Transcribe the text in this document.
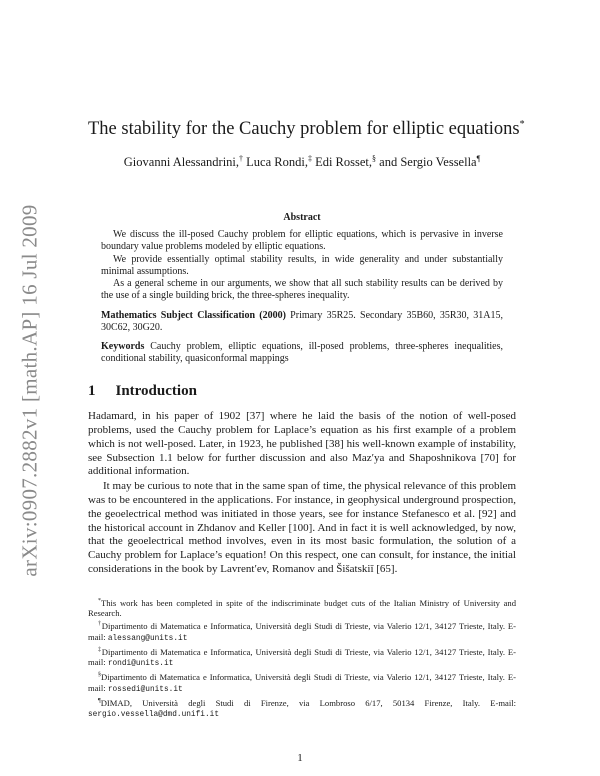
arXiv:0907.2882v1 [math.AP] 16 Jul 2009
The stability for the Cauchy problem for elliptic equations*
Giovanni Alessandrini,† Luca Rondi,‡ Edi Rosset,§ and Sergio Vessella¶
Abstract

We discuss the ill-posed Cauchy problem for elliptic equations, which is pervasive in inverse boundary value problems modeled by elliptic equations.

We provide essentially optimal stability results, in wide generality and under substantially minimal assumptions.

As a general scheme in our arguments, we show that all such stability results can be derived by the use of a single building brick, the three-spheres inequality.

Mathematics Subject Classification (2000) Primary 35R25. Secondary 35B60, 35R30, 31A15, 30C62, 30G20.
Keywords Cauchy problem, elliptic equations, ill-posed problems, three-spheres inequalities, conditional stability, quasiconformal mappings
1 Introduction

Hadamard, in his paper of 1902 [37] where he laid the basis of the notion of well-posed problems, used the Cauchy problem for Laplace’s equation as his first example of a problem which is not well-posed. Later, in 1923, he published [38] his well-known example of instability, see Subsection 1.1 below for further discussion and also Maz′ya and Shaposhnikova [70] for additional information.

It may be curious to note that in the same span of time, the physical relevance of this problem was to be encountered in the applications. For instance, in geophysical underground prospection, the geoelectrical method was initiated in those years, see for instance Stefanesco et al. [92] and the historical account in Zhdanov and Keller [100]. And in fact it is well acknowledged, by now, that the geoelectrical method involves, even in its most basic formulation, the solution of a Cauchy problem for Laplace’s equation! On this respect, one can consult, for instance, the initial considerations in the book by Lavrent′ev, Romanov and Šišatskiĭ [65].

*This work has been completed in spite of the indiscriminate budget cuts of the Italian Ministry of University and Research.

†Dipartimento di Matematica e Informatica, Università degli Studi di Trieste, via Valerio 12/1, 34127 Trieste, Italy. E-mail: alessang@units.it

‡Dipartimento di Matematica e Informatica, Università degli Studi di Trieste, via Valerio 12/1, 34127 Trieste, Italy. E-mail: rondi@units.it

§Dipartimento di Matematica e Informatica, Università degli Studi di Trieste, via Valerio 12/1, 34127 Trieste, Italy. E-mail: rossedi@units.it

¶DIMAD, Università degli Studi di Firenze, via Lombroso 6/17, 50134 Firenze, Italy. E-mail: sergio.vessella@dmd.unifi.it

1
